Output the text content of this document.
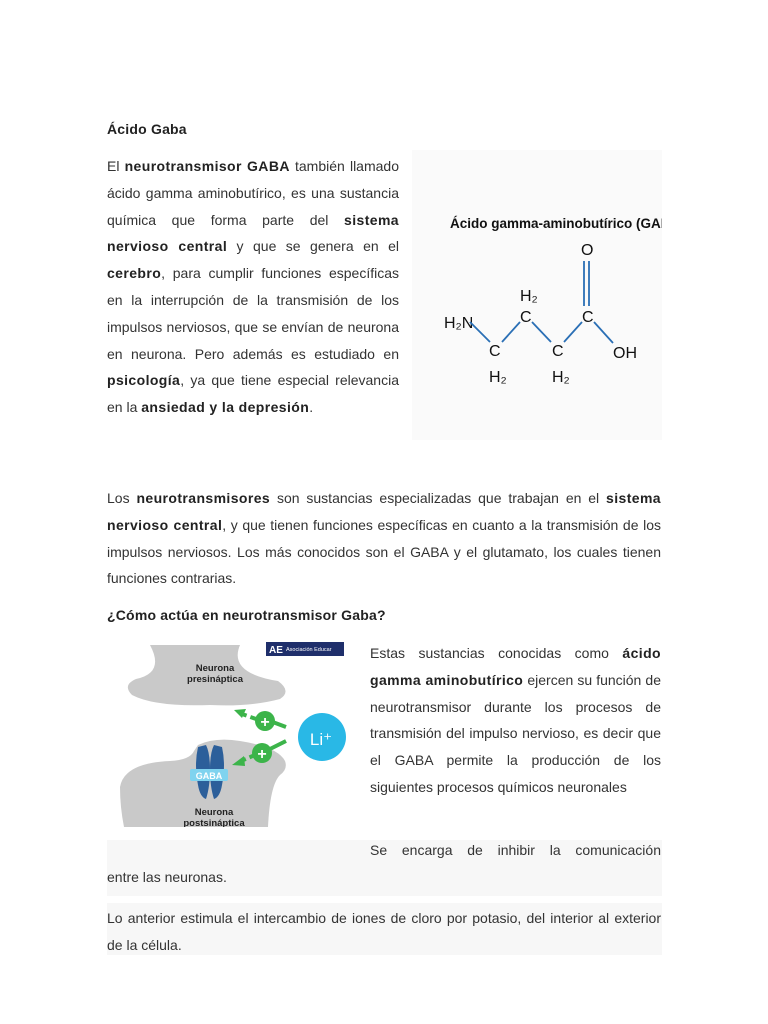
Ácido Gaba
El neurotransmisor GABA también llamado ácido gamma aminobutírico, es una sustancia química que forma parte del sistema nervioso central y que se genera en el cerebro, para cumplir funciones específicas en la interrupción de la transmisión de los impulsos nerviosos, que se envían de neurona en neurona. Pero además es estudiado en psicología, ya que tiene especial relevancia en la ansiedad y la depresión.
Ácido gamma-aminobutírico (GABA)
H₂N
C
H₂
H₂
C
C
H₂
C
O
OH
Los neurotransmisores son sustancias especializadas que trabajan en el sistema nervioso central, y que tienen funciones específicas en cuanto a la transmisión de los impulsos nerviosos. Los más conocidos son el GABA y el glutamato, los cuales tienen funciones contrarias.
¿Cómo actúa en neurotransmisor Gaba?
AE Asociación Educar
Neurona
presináptica
Neurona
postsináptica
GABA
+
+
Li⁺
Estas sustancias conocidas como ácido gamma aminobutírico ejercen su función de neurotransmisor durante los procesos de transmisión del impulso nervioso, es decir que el GABA permite la producción de los siguientes procesos químicos neuronales
Se encarga de inhibir la comunicación
entre las neuronas.
Lo anterior estimula el intercambio de iones de cloro por potasio, del interior al exterior de la célula.
